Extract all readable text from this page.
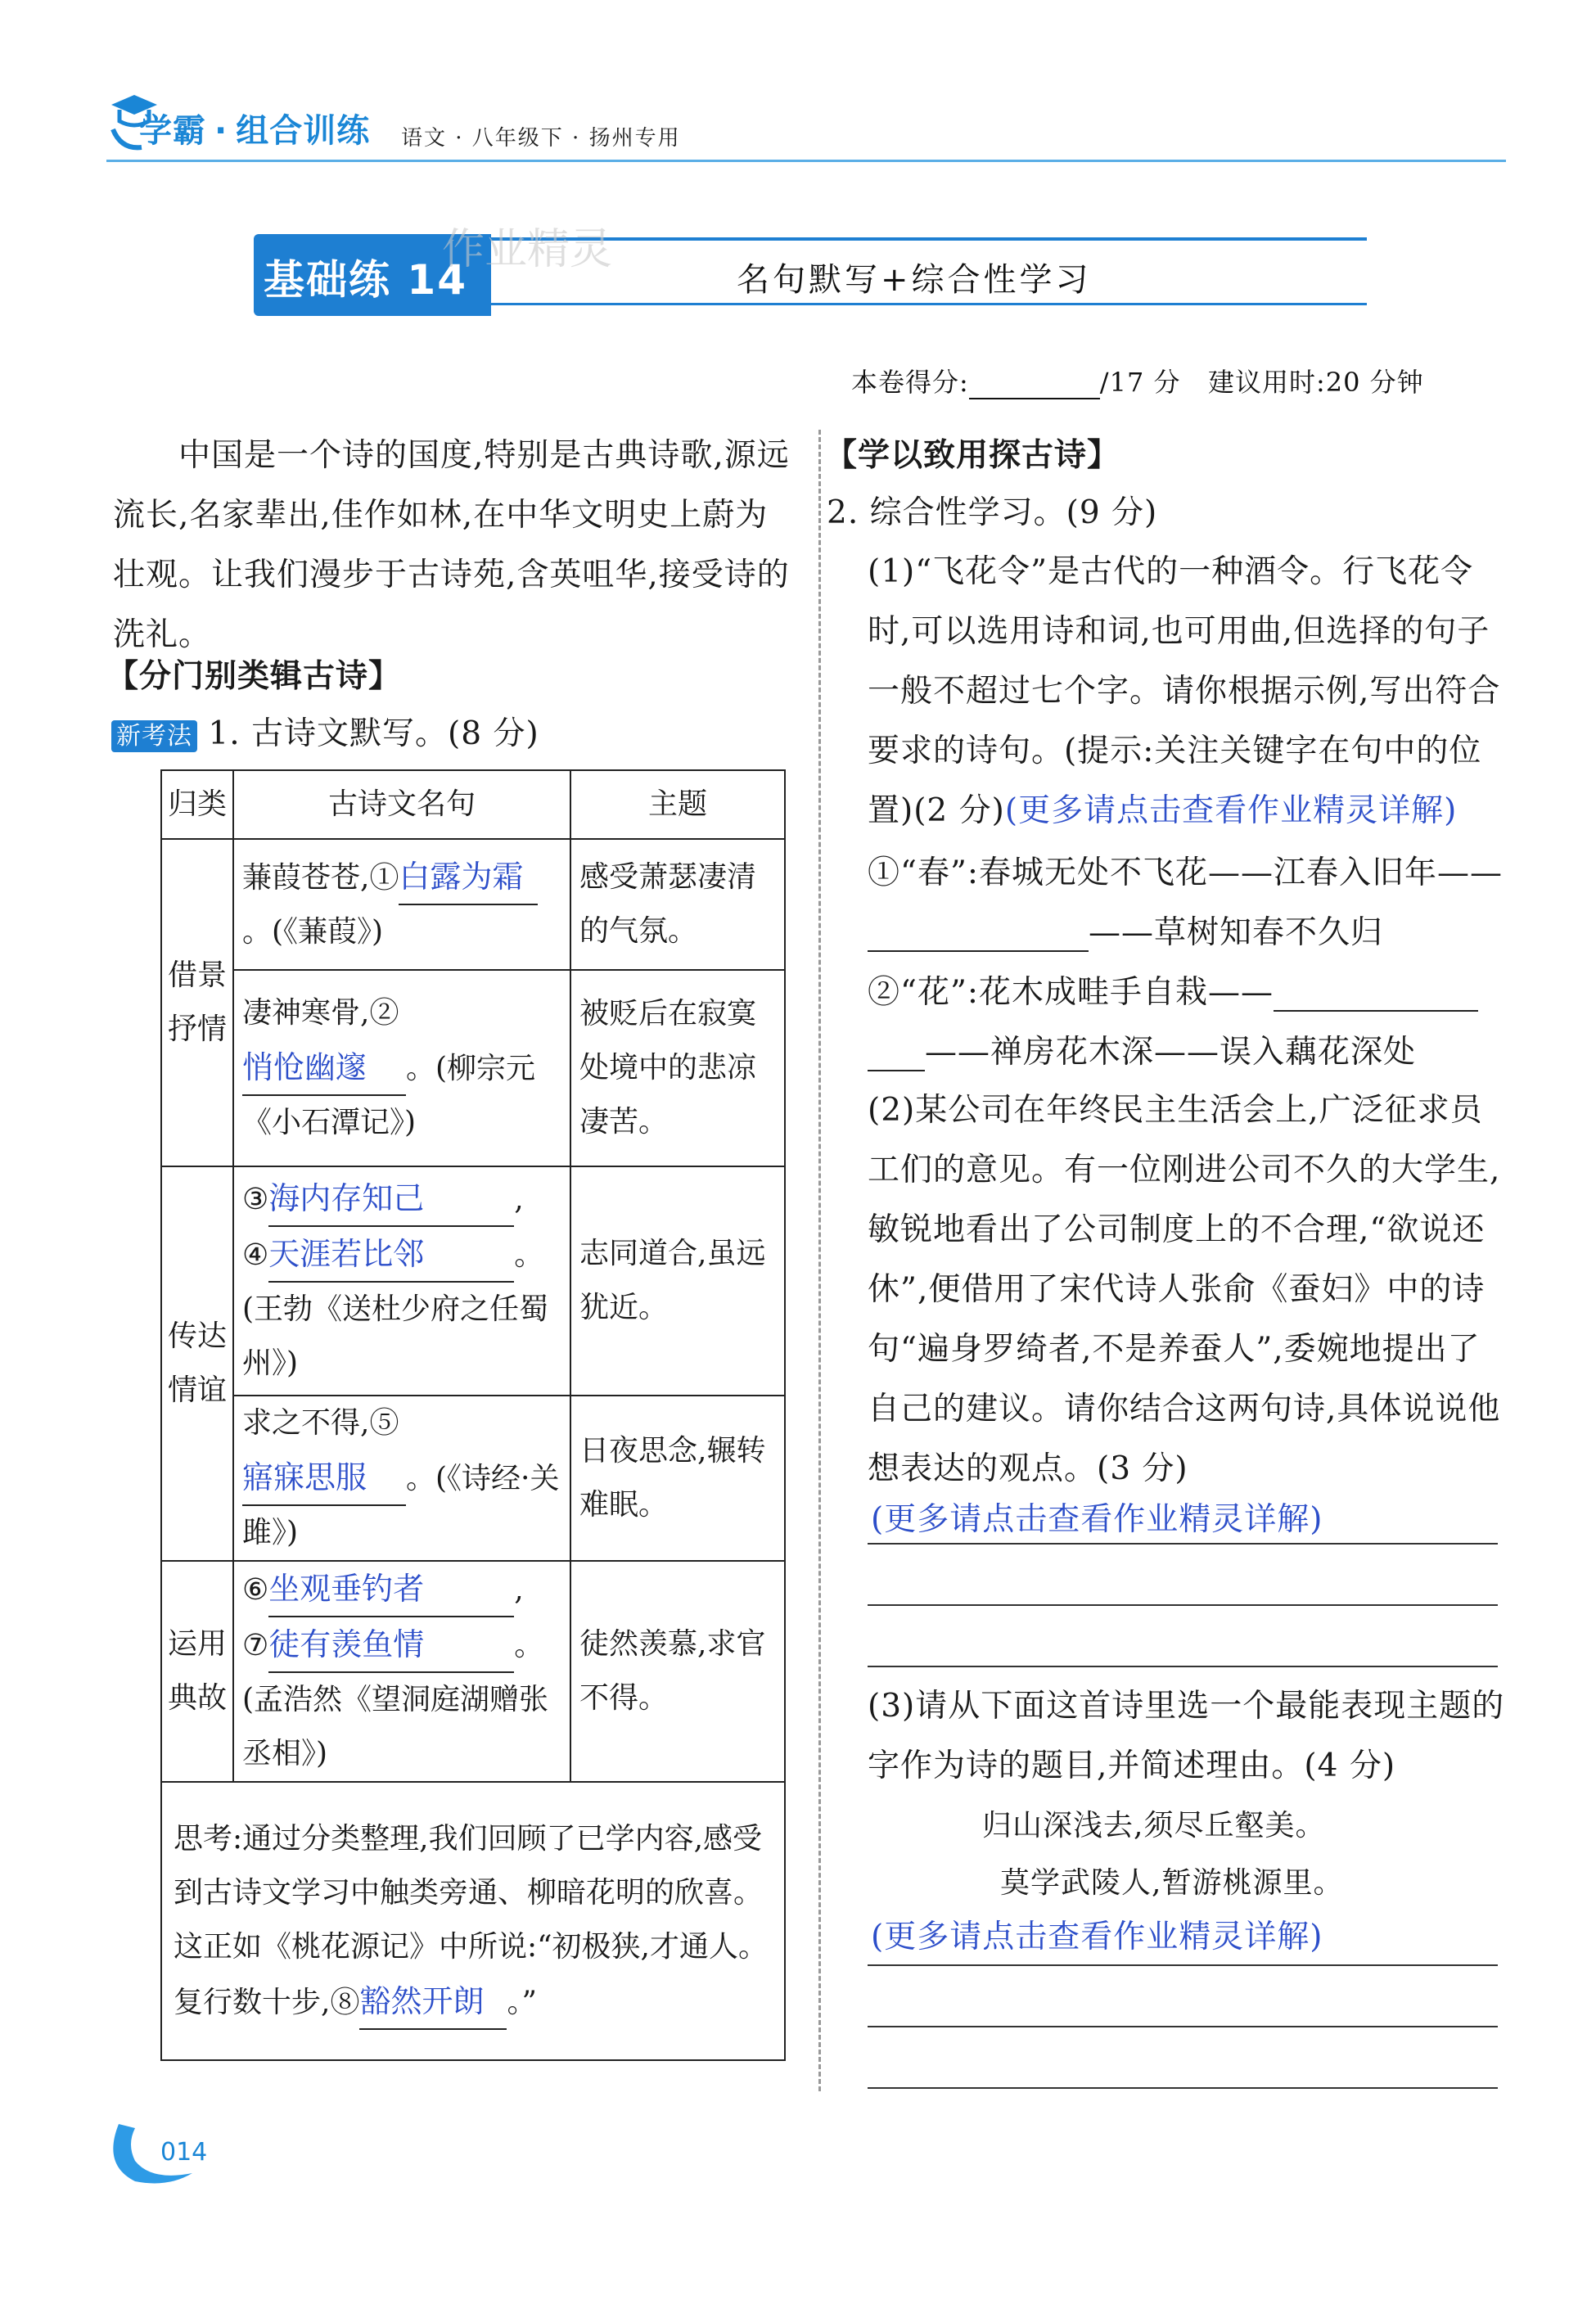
学霸 · 组合训练 语文 · 八年级下 · 扬州专用
基础练 14	名句默写+综合性学习
作业精灵
本卷得分:	/17 分 建议用时:20 分钟
中国是一个诗的国度,特别是古典诗歌,源远流长,名家辈出,佳作如林,在中华文明史上蔚为壮观。让我们漫步于古诗苑,含英咀华,接受诗的洗礼。
【分门别类辑古诗】
新考法 1. 古诗文默写。(8 分)
归类	古诗文名句	主题
借景抒情	蒹葭苍苍,①白露为霜。(《蒹葭》)	感受萧瑟凄清的气氛。
	凄神寒骨,②悄怆幽邃 。(柳宗元《小石潭记》)	被贬后在寂寞处境中的悲凉凄苦。
传达情谊	③海内存知己 ,
④天涯若比邻 。
(王勃《送杜少府之任蜀州》)	志同道合,虽远犹近。
	求之不得,⑤寤寐思服 。(《诗经·关雎》)	日夜思念,辗转难眠。
运用典故	⑥坐观垂钓者 ,
⑦徒有羡鱼情 。
(孟浩然《望洞庭湖赠张丞相》)	徒然羡慕,求官不得。
思考:通过分类整理,我们回顾了已学内容,感受到古诗文学习中触类旁通、柳暗花明的欣喜。这正如《桃花源记》中所说:“初极狭,才通人。复行数十步,⑧豁然开朗 。”		
【学以致用探古诗】
2. 综合性学习。(9 分)
(1)“飞花令”是古代的一种酒令。行飞花令时,可以选用诗和词,也可用曲,但选择的句子一般不超过七个字。请你根据示例,写出符合要求的诗句。(提示:关注关键字在句中的位置)(2 分)(更多请点击查看作业精灵详解)
①“春”:春城无处不飞花——江春入旧年————草树知春不久归
②“花”:花木成畦手自栽——
——禅房花木深——误入藕花深处
(2)某公司在年终民主生活会上,广泛征求员工们的意见。有一位刚进公司不久的大学生,敏锐地看出了公司制度上的不合理,“欲说还休”,便借用了宋代诗人张俞《蚕妇》中的诗句“遍身罗绮者,不是养蚕人”,委婉地提出了自己的建议。请你结合这两句诗,具体说说他想表达的观点。(3 分)
(更多请点击查看作业精灵详解)
(3)请从下面这首诗里选一个最能表现主题的字作为诗的题目,并简述理由。(4 分)
归山深浅去,须尽丘壑美。
莫学武陵人,暂游桃源里。
(更多请点击查看作业精灵详解)
014
